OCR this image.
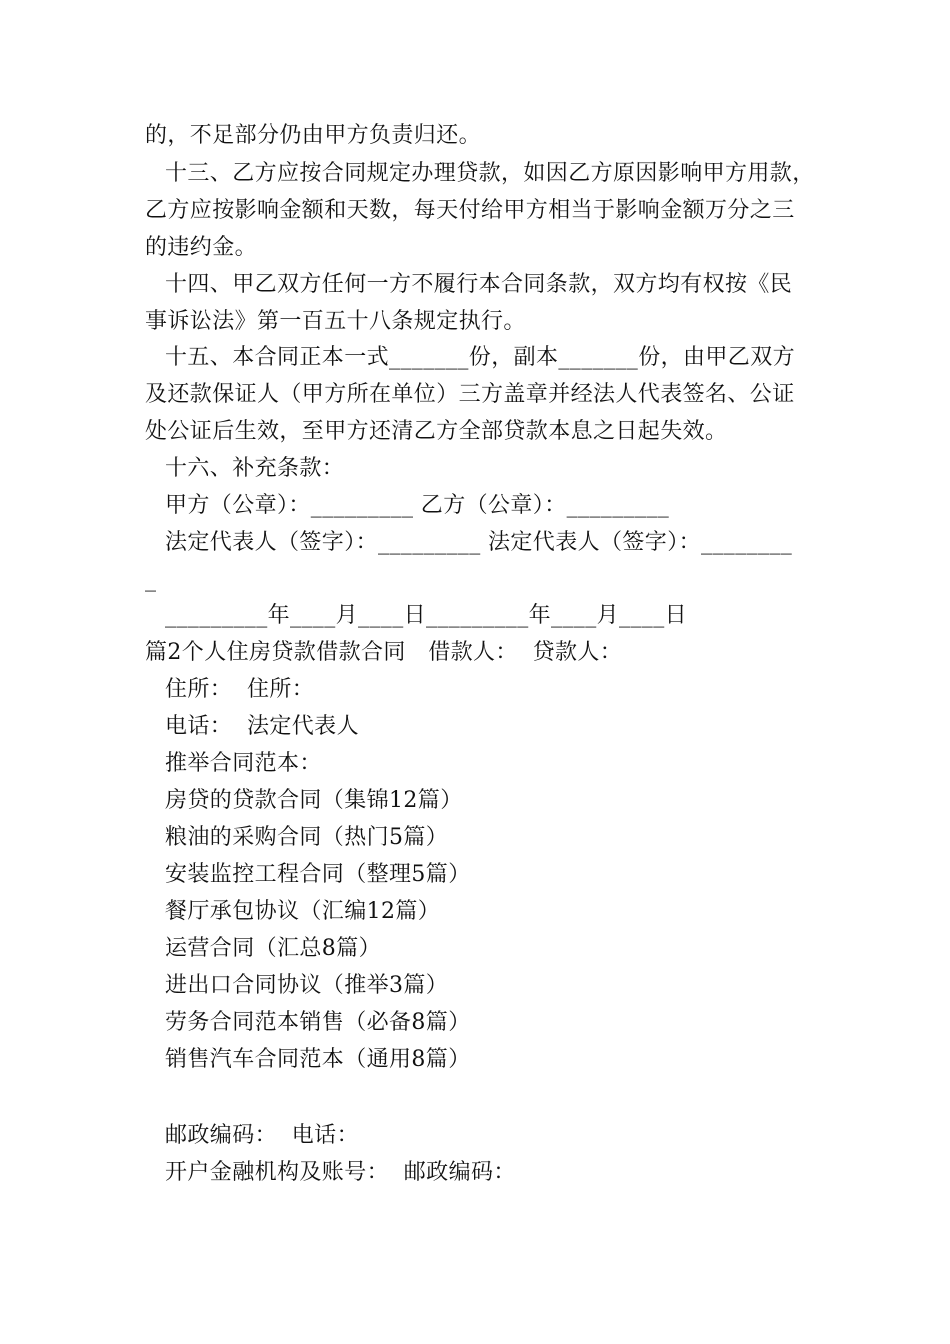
的，不足部分仍由甲方负责归还。
十三、乙方应按合同规定办理贷款，如因乙方原因影响甲方用款，
乙方应按影响金额和天数，每天付给甲方相当于影响金额万分之三
的违约金。
十四、甲乙双方任何一方不履行本合同条款，双方均有权按《民
事诉讼法》第一百五十八条规定执行。
十五、本合同正本一式_______份，副本_______份，由甲乙双方
及还款保证人（甲方所在单位）三方盖章并经法人代表签名、公证
处公证后生效，至甲方还清乙方全部贷款本息之日起失效。
十六、补充条款：
甲方（公章）：_________ 乙方（公章）：_________
法定代表人（签字）：_________ 法定代表人（签字）：________
_
_________年____月____日_________年____月____日
篇2个人住房贷款借款合同　借款人：  贷款人：
住所：  住所：
电话：  法定代表人
推举合同范本：
房贷的贷款合同（集锦12篇）
粮油的采购合同（热门5篇）
安装监控工程合同（整理5篇）
餐厅承包协议（汇编12篇）
运营合同（汇总8篇）
进出口合同协议（推举3篇）
劳务合同范本销售（必备8篇）
销售汽车合同范本（通用8篇）
邮政编码：  电话：
开户金融机构及账号：  邮政编码：
